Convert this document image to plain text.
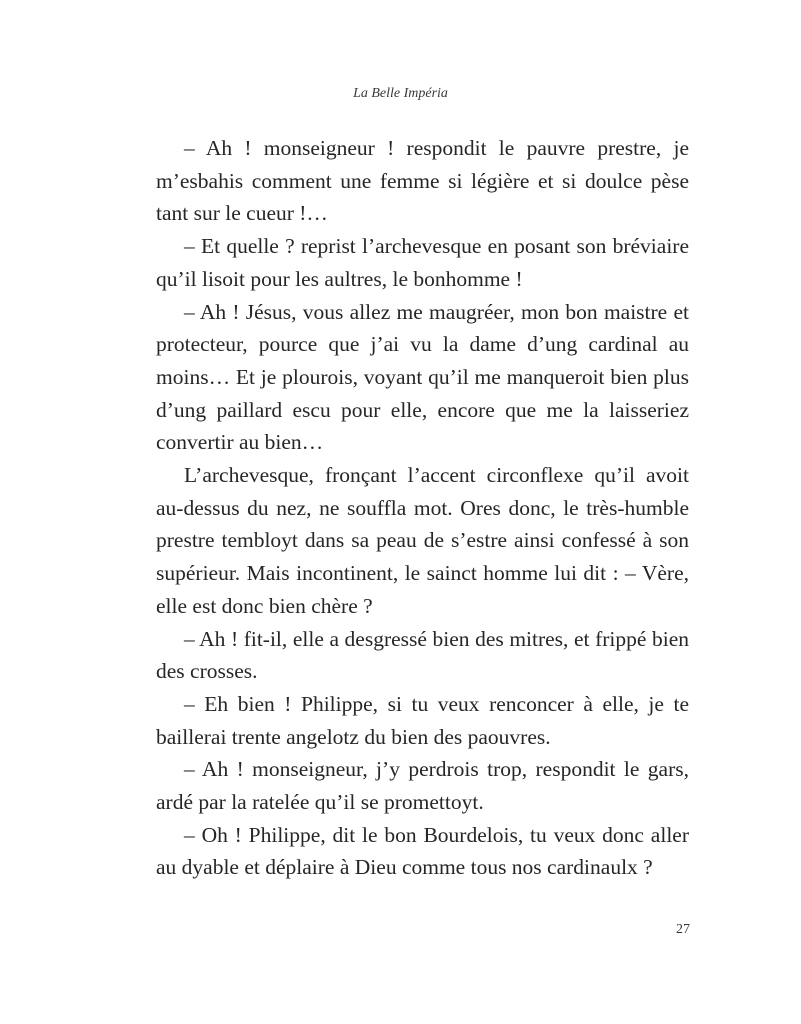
La Belle Impéria

– Ah ! monseigneur ! respondit le pauvre prestre, je m’esbahis comment une femme si légière et si doulce pèse tant sur le cueur !…

– Et quelle ? reprist l’archevesque en posant son bréviaire qu’il lisoit pour les aultres, le bonhomme !

– Ah ! Jésus, vous allez me maugréer, mon bon maistre et protecteur, pource que j’ai vu la dame d’ung cardinal au moins… Et je plourois, voyant qu’il me manqueroit bien plus d’ung paillard escu pour elle, encore que me la laisseriez convertir au bien…

L’archevesque, fronçant l’accent circonflexe qu’il avoit au-dessus du nez, ne souffla mot. Ores donc, le très-humble prestre tembloyt dans sa peau de s’estre ainsi confessé à son supérieur. Mais incontinent, le sainct homme lui dit : – Vère, elle est donc bien chère ?

– Ah ! fit-il, elle a desgressé bien des mitres, et frippé bien des crosses.

– Eh bien ! Philippe, si tu veux renconcer à elle, je te baillerai trente angelotz du bien des paouvres.

– Ah ! monseigneur, j’y perdrois trop, respondit le gars, ardé par la ratelée qu’il se promettoyt.

– Oh ! Philippe, dit le bon Bourdelois, tu veux donc aller au dyable et déplaire à Dieu comme tous nos cardinaulx ?

27
